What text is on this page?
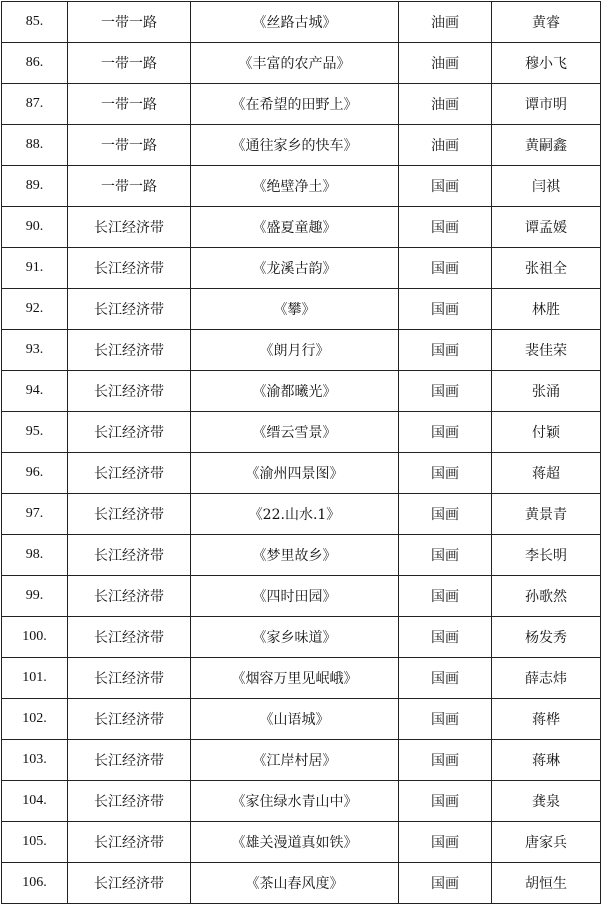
85.	一带一路	《丝路古城》	油画	黄睿
86.	一带一路	《丰富的农产品》	油画	穆小飞
87.	一带一路	《在希望的田野上》	油画	谭市明
88.	一带一路	《通往家乡的快车》	油画	黄嗣鑫
89.	一带一路	《绝壁净土》	国画	闫祺
90.	长江经济带	《盛夏童趣》	国画	谭孟媛
91.	长江经济带	《龙溪古韵》	国画	张祖全
92.	长江经济带	《攀》	国画	林胜
93.	长江经济带	《朗月行》	国画	裴佳荣
94.	长江经济带	《渝都曦光》	国画	张涌
95.	长江经济带	《缙云雪景》	国画	付颖
96.	长江经济带	《渝州四景图》	国画	蒋超
97.	长江经济带	《22.山水.1》	国画	黄景青
98.	长江经济带	《梦里故乡》	国画	李长明
99.	长江经济带	《四时田园》	国画	孙歌然
100.	长江经济带	《家乡味道》	国画	杨发秀
101.	长江经济带	《烟容万里见岷峨》	国画	薛志炜
102.	长江经济带	《山语城》	国画	蒋桦
103.	长江经济带	《江岸村居》	国画	蒋琳
104.	长江经济带	《家住绿水青山中》	国画	龚泉
105.	长江经济带	《雄关漫道真如铁》	国画	唐家兵
106.	长江经济带	《茶山春风度》	国画	胡恒生
